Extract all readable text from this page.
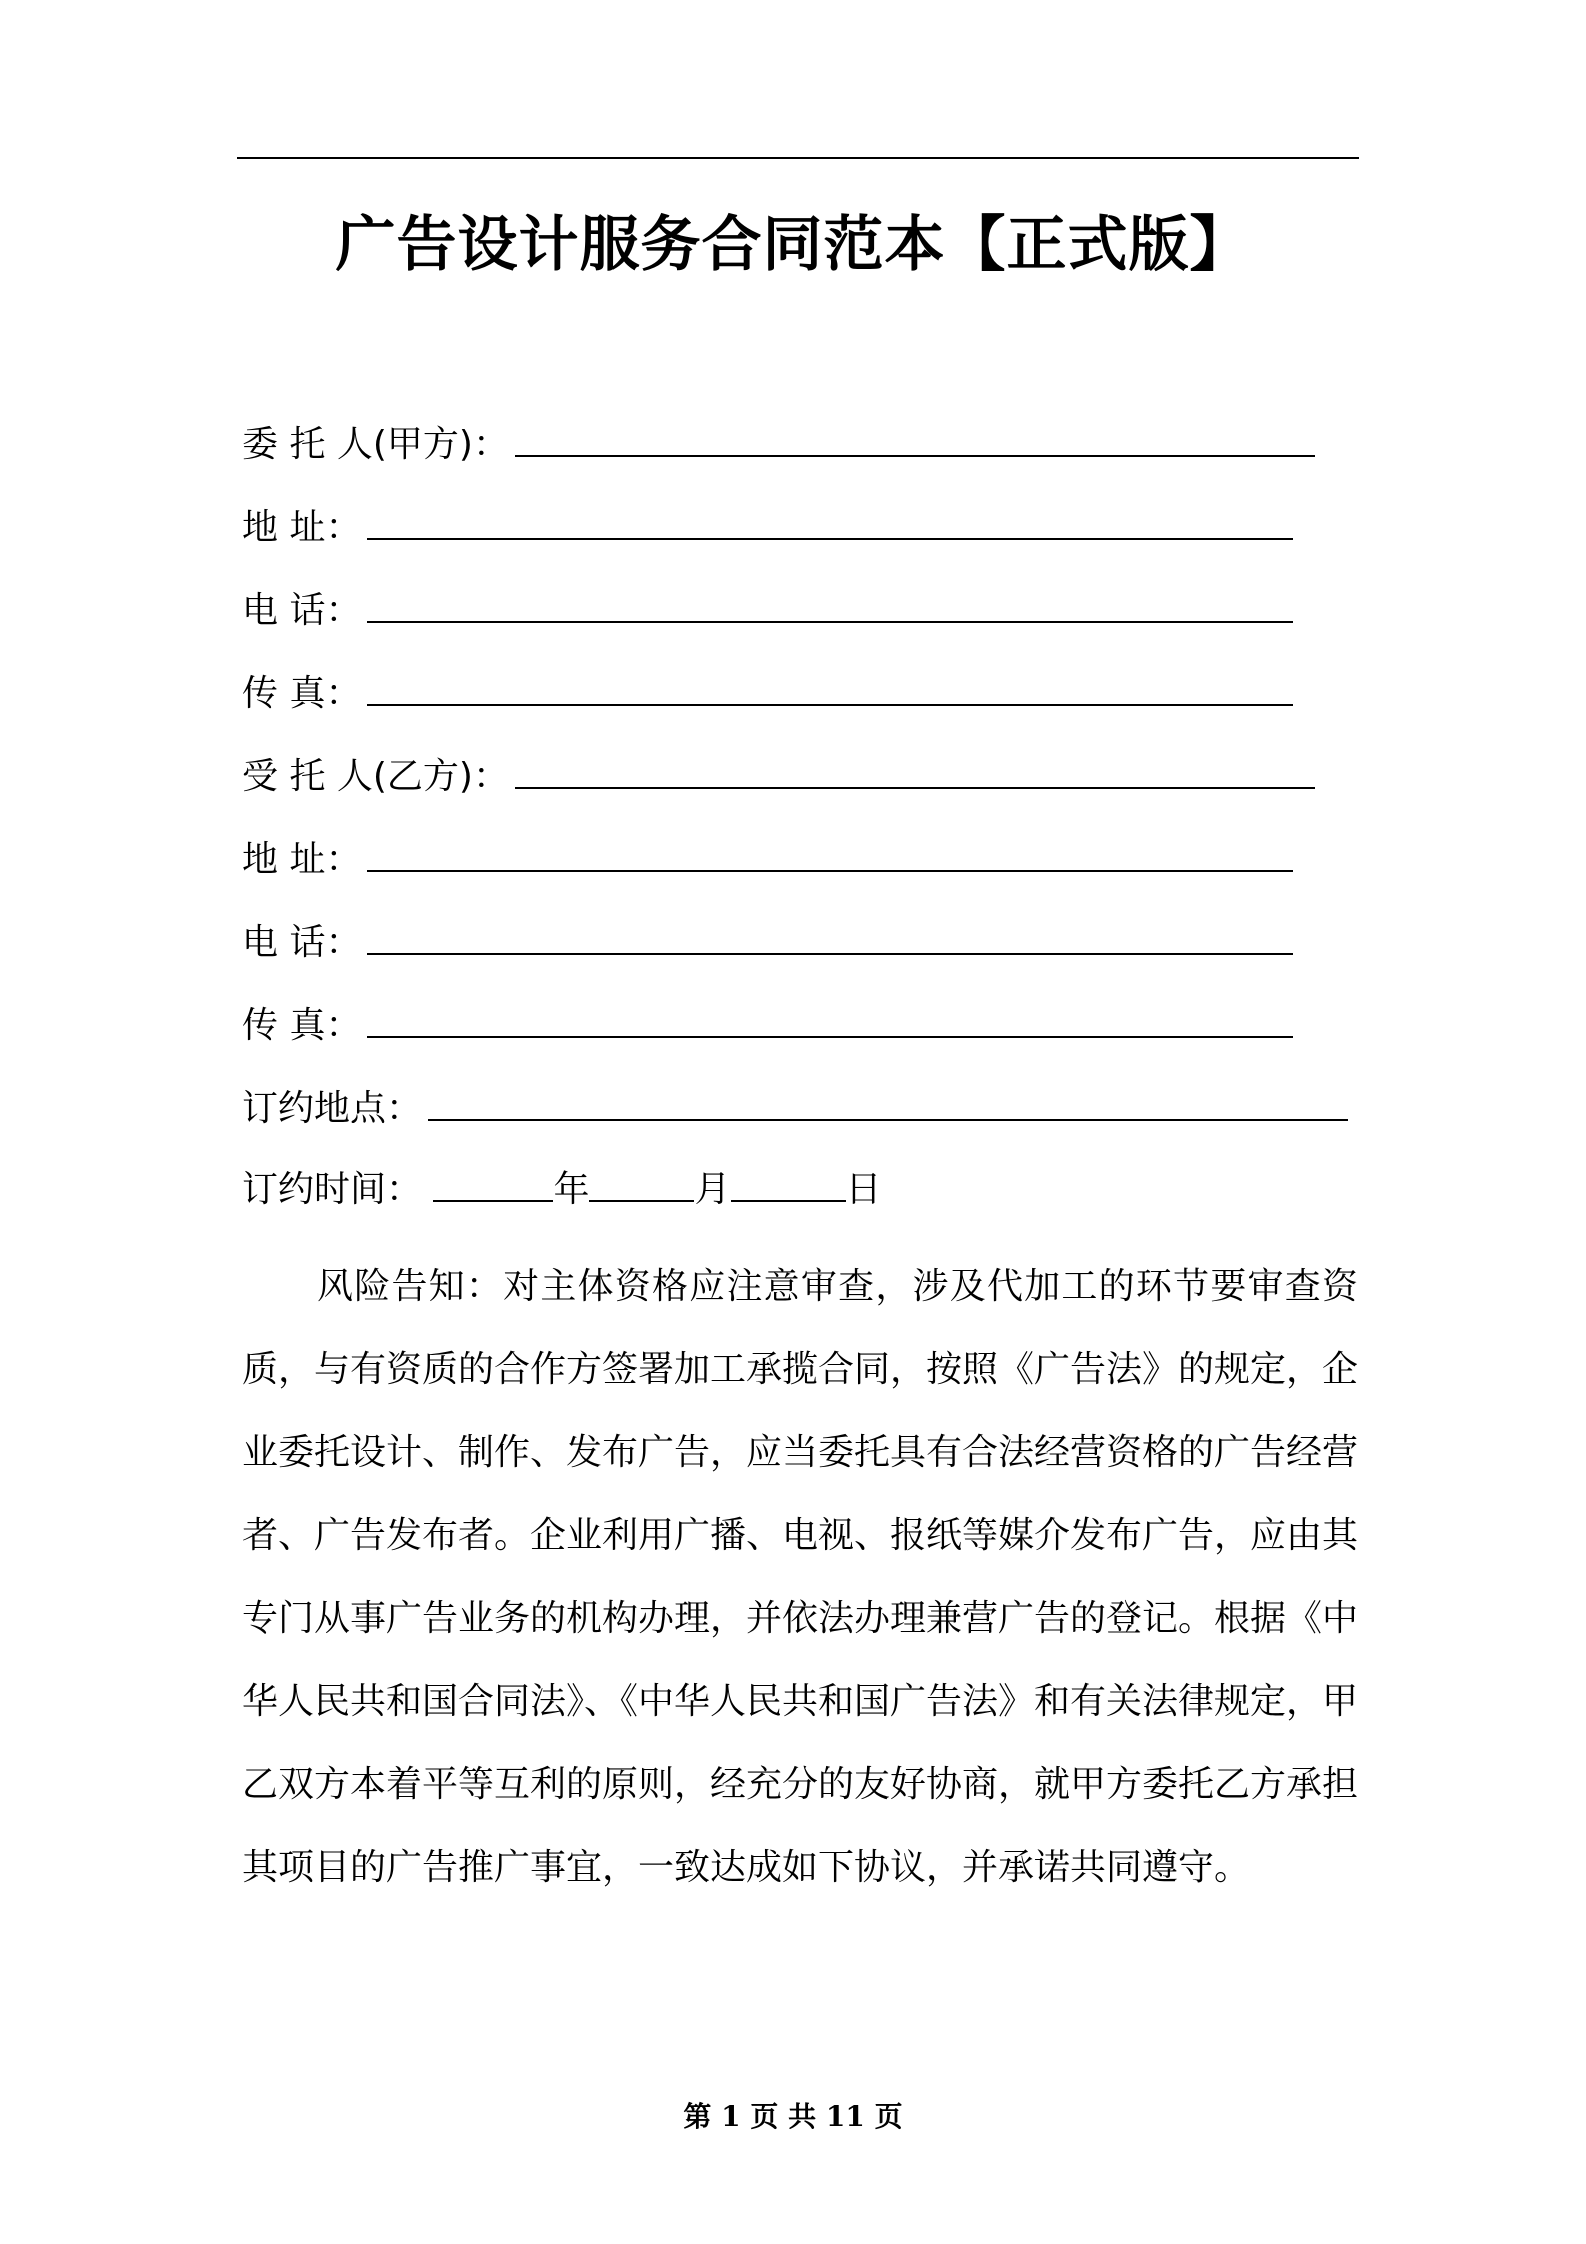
广告设计服务合同范本【正式版】
委 托 人(甲方)：
地 址：
电 话：
传 真：
受 托 人(乙方)：
地 址：
电 话：
传 真：
订约地点：
订约时间：	年	月	日

风险告知：对主体资格应注意审查，涉及代加工的环节要审查资质，与有资质的合作方签署加工承揽合同，按照《广告法》的规定，企业委托设计、制作、发布广告，应当委托具有合法经营资格的广告经营者、广告发布者。企业利用广播、电视、报纸等媒介发布广告，应由其专门从事广告业务的机构办理，并依法办理兼营广告的登记。根据《中华人民共和国合同法》、《中华人民共和国广告法》和有关法律规定，甲乙双方本着平等互利的原则，经充分的友好协商，就甲方委托乙方承担其项目的广告推广事宜，一致达成如下协议，并承诺共同遵守。

第 1 页 共 11 页
